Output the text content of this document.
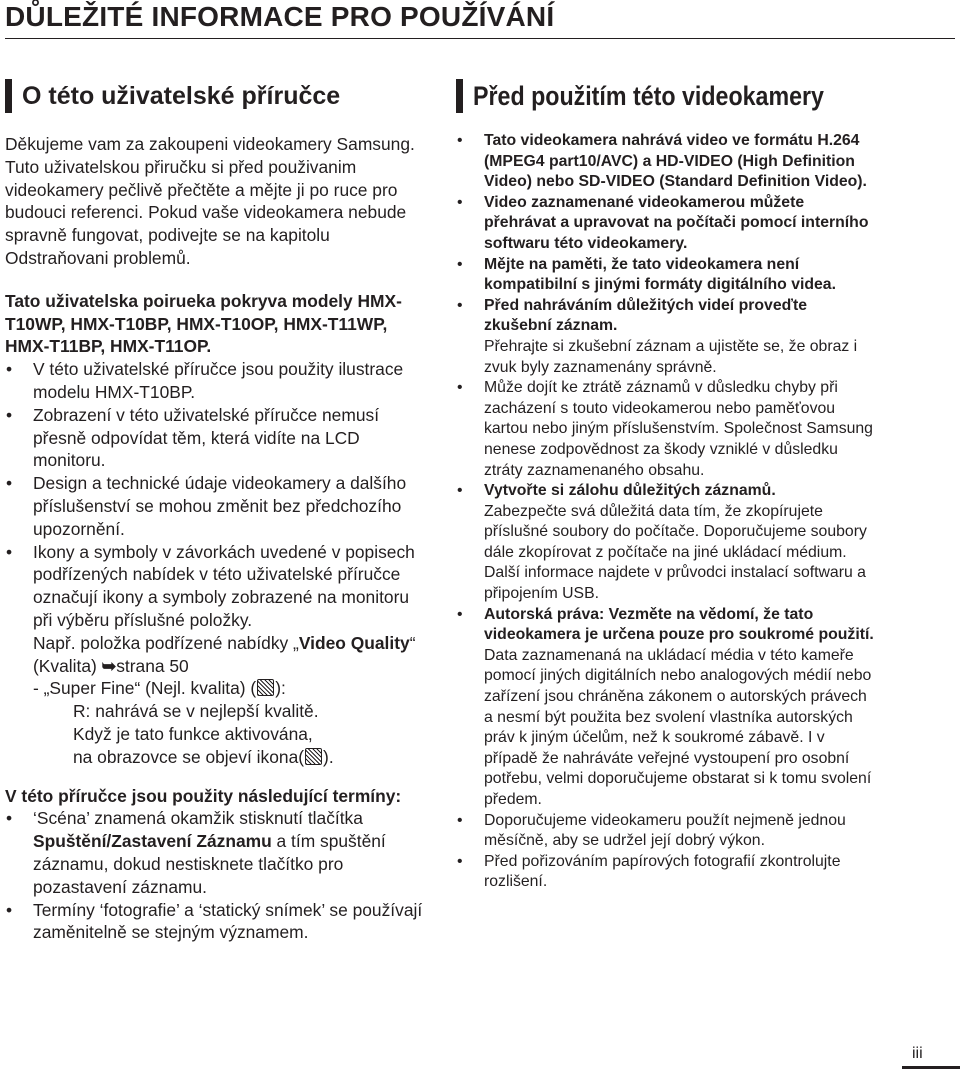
DŮLEŽITÉ INFORMACE PRO POUŽÍVÁNÍ
O této uživatelské příručce

Děkujeme vam za zakoupeni videokamery Samsung. Tuto uživatelskou přiručku si před použivanim videokamery pečlivě přečtěte a mějte ji po ruce pro budouci referenci. Pokud vaše videokamera nebude spravně fungovat, podivejte se na kapitolu Odstraňovani problemů.

Tato uživatelska poirueka pokryva modely HMX-T10WP, HMX-T10BP, HMX-T10OP, HMX-T11WP, HMX-T11BP, HMX-T11OP.

• V této uživatelské příručce jsou použity ilustrace modelu HMX-T10BP.
• Zobrazení v této uživatelské příručce nemusí přesně odpovídat těm, která vidíte na LCD monitoru.
• Design a technické údaje videokamery a dalšího příslušenství se mohou změnit bez předchozího upozornění.
• Ikony a symboly v závorkách uvedené v popisech podřízených nabídek v této uživatelské příručce označují ikony a symboly zobrazené na monitoru při výběru příslušné položky.

Např. položka podřízené nabídky „Video Quality“ (Kvalita) ➥strana 50

- „Super Fine“ (Nejl. kvalita) ( ):

R: nahrává se v nejlepší kvalitě.

Když je tato funkce aktivována,

na obrazovce se objeví ikona( ).

V této příručce jsou použity následující termíny:

• ‘Scéna’ znamená okamžik stisknutí tlačítka Spuštění/Zastavení Záznamu a tím spuštění záznamu, dokud nestisknete tlačítko pro pozastavení záznamu.
• Termíny ‘fotografie’ a ‘statický snímek’ se používají zaměnitelně se stejným významem.
Před použitím této videokamery
• Tato videokamera nahrává video ve formátu H.264 (MPEG4 part10/AVC) a HD-VIDEO (High Definition Video) nebo SD-VIDEO (Standard Definition Video).
• Video zaznamenané videokamerou můžete přehrávat a upravovat na počítači pomocí interního softwaru této videokamery.
• Mějte na paměti, že tato videokamera není kompatibilní s jinými formáty digitálního videa.
• Před nahráváním důležitých videí proveďte zkušební záznam.
Přehrajte si zkušební záznam a ujistěte se, že obraz i zvuk byly zaznamenány správně.
• Může dojít ke ztrátě záznamů v důsledku chyby při zacházení s touto videokamerou nebo paměťovou kartou nebo jiným příslušenstvím. Společnost Samsung nenese zodpovědnost za škody vzniklé v důsledku ztráty zaznamenaného obsahu.
• Vytvořte si zálohu důležitých záznamů.
Zabezpečte svá důležitá data tím, že zkopírujete příslušné soubory do počítače. Doporučujeme soubory dále zkopírovat z počítače na jiné ukládací médium. Další informace najdete v průvodci instalací softwaru a připojením USB.
• Autorská práva: Vezměte na vědomí, že tato videokamera je určena pouze pro soukromé použití.
Data zaznamenaná na ukládací média v této kameře pomocí jiných digitálních nebo analogových médií nebo zařízení jsou chráněna zákonem o autorských právech a nesmí být použita bez svolení vlastníka autorských práv k jiným účelům, než k soukromé zábavě. I v případě že nahráváte veřejné vystoupení pro osobní potřebu, velmi doporučujeme obstarat si k tomu svolení předem.
• Doporučujeme videokameru použít nejmeně jednou měsíčně, aby se udržel její dobrý výkon.
• Před pořizováním papírových fotografií zkontrolujte rozlišení.
iii
